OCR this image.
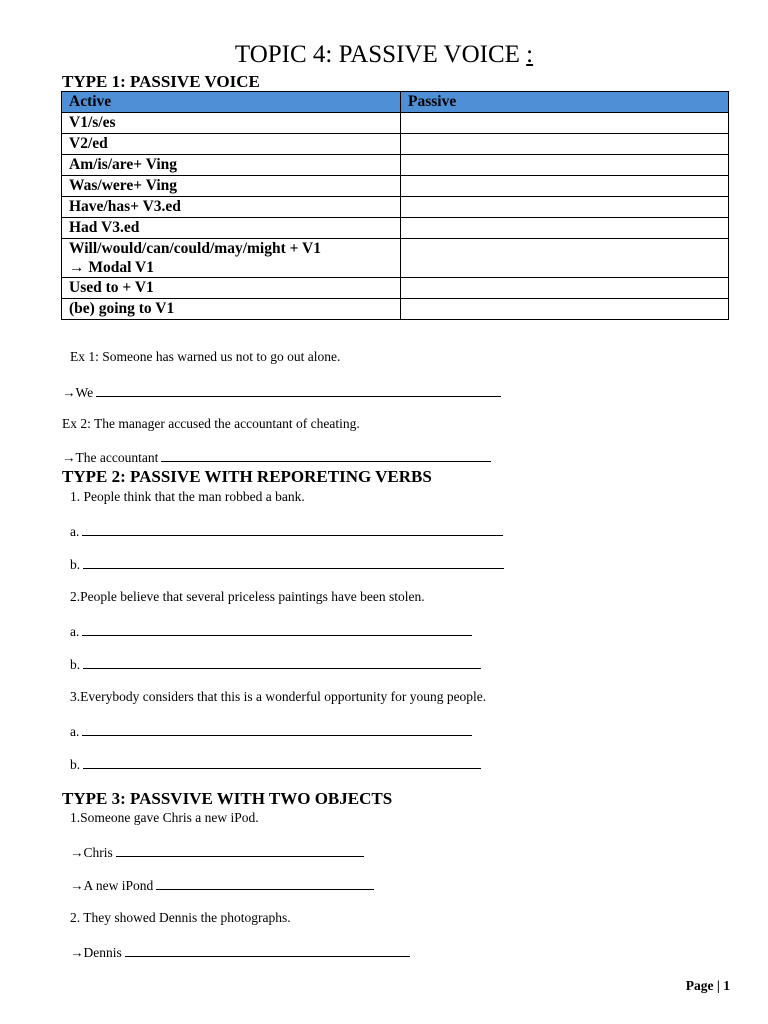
TOPIC 4: PASSIVE VOICE :
TYPE 1: PASSIVE VOICE
Active	Passive
V1/s/es	
V2/ed	
Am/is/are+ Ving	
Was/were+ Ving	
Have/has+ V3.ed	
Had V3.ed	

Will/would/can/could/may/might + V1
→ Modal V1	

Used to + V1	
(be) going to V1	
Ex 1: Someone has warned us not to go out alone.
→We
Ex 2: The manager accused the accountant of cheating.
→The accountant
TYPE 2: PASSIVE WITH REPORETING VERBS
1. People think that the man robbed a bank.
a.
b.
2.People believe that several priceless paintings have been stolen.
a.
b.
3.Everybody considers that this is a wonderful opportunity for young people.
a.
b.
TYPE 3: PASSVIVE WITH TWO OBJECTS
1.Someone gave Chris a new iPod.
→Chris
→A new iPond
2. They showed Dennis the photographs.
→Dennis
Page | 1
